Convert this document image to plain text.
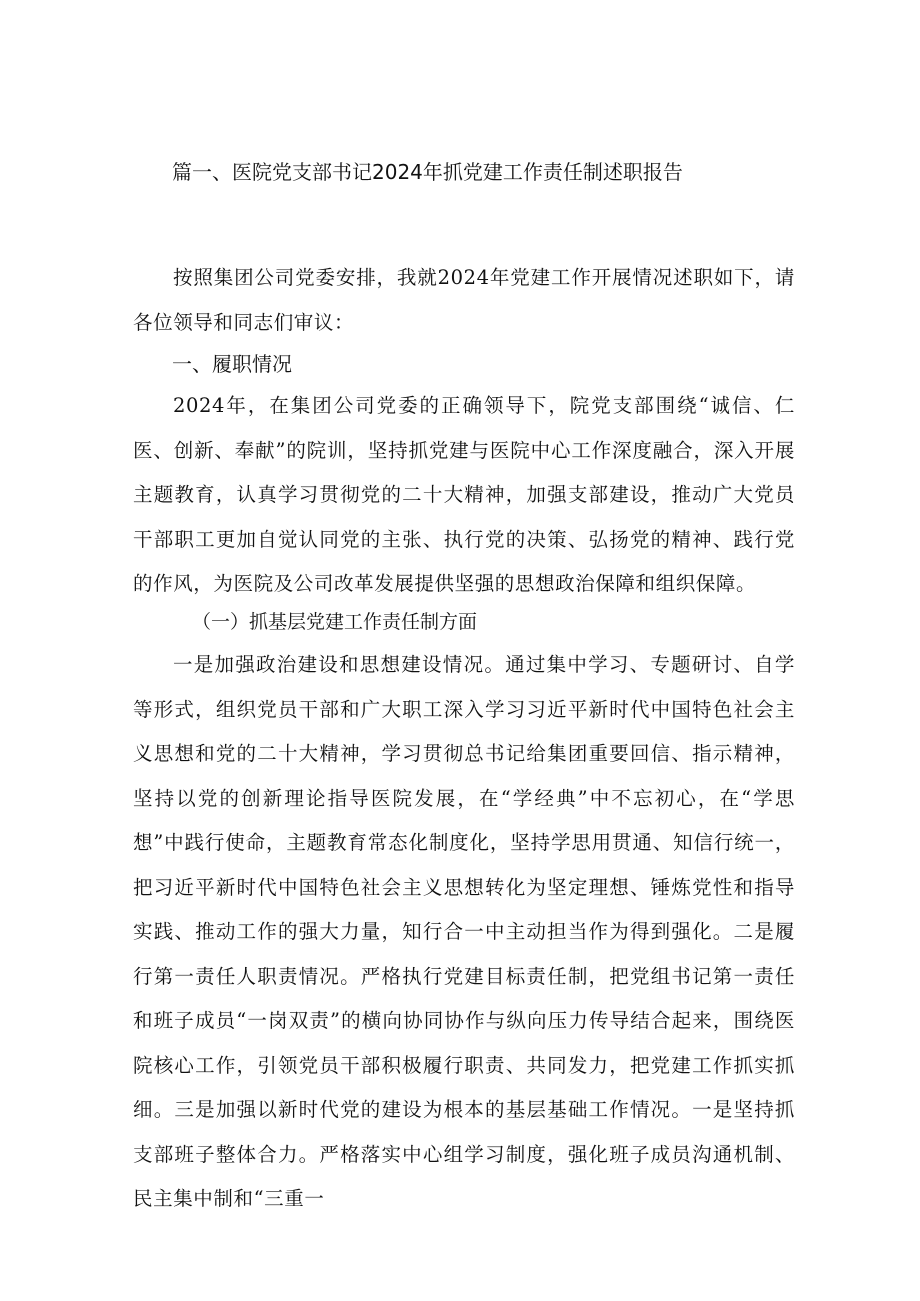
篇一、医院党支部书记2024年抓党建工作责任制述职报告
按照集团公司党委安排，我就2024年党建工作开展情况述职如下，请各位领导和同志们审议：
一、履职情况
2024年，在集团公司党委的正确领导下，院党支部围绕“诚信、仁医、创新、奉献”的院训，坚持抓党建与医院中心工作深度融合，深入开展主题教育，认真学习贯彻党的二十大精神，加强支部建设，推动广大党员干部职工更加自觉认同党的主张、执行党的决策、弘扬党的精神、践行党的作风，为医院及公司改革发展提供坚强的思想政治保障和组织保障。
（一）抓基层党建工作责任制方面
一是加强政治建设和思想建设情况。通过集中学习、专题研讨、自学等形式，组织党员干部和广大职工深入学习习近平新时代中国特色社会主义思想和党的二十大精神，学习贯彻总书记给集团重要回信、指示精神，坚持以党的创新理论指导医院发展，在“学经典”中不忘初心，在“学思想”中践行使命，主题教育常态化制度化，坚持学思用贯通、知信行统一，把习近平新时代中国特色社会主义思想转化为坚定理想、锤炼党性和指导实践、推动工作的强大力量，知行合一中主动担当作为得到强化。二是履行第一责任人职责情况。严格执行党建目标责任制，把党组书记第一责任和班子成员“一岗双责”的横向协同协作与纵向压力传导结合起来，围绕医院核心工作，引领党员干部积极履行职责、共同发力，把党建工作抓实抓细。三是加强以新时代党的建设为根本的基层基础工作情况。一是坚持抓支部班子整体合力。严格落实中心组学习制度，强化班子成员沟通机制、民主集中制和“三重一
